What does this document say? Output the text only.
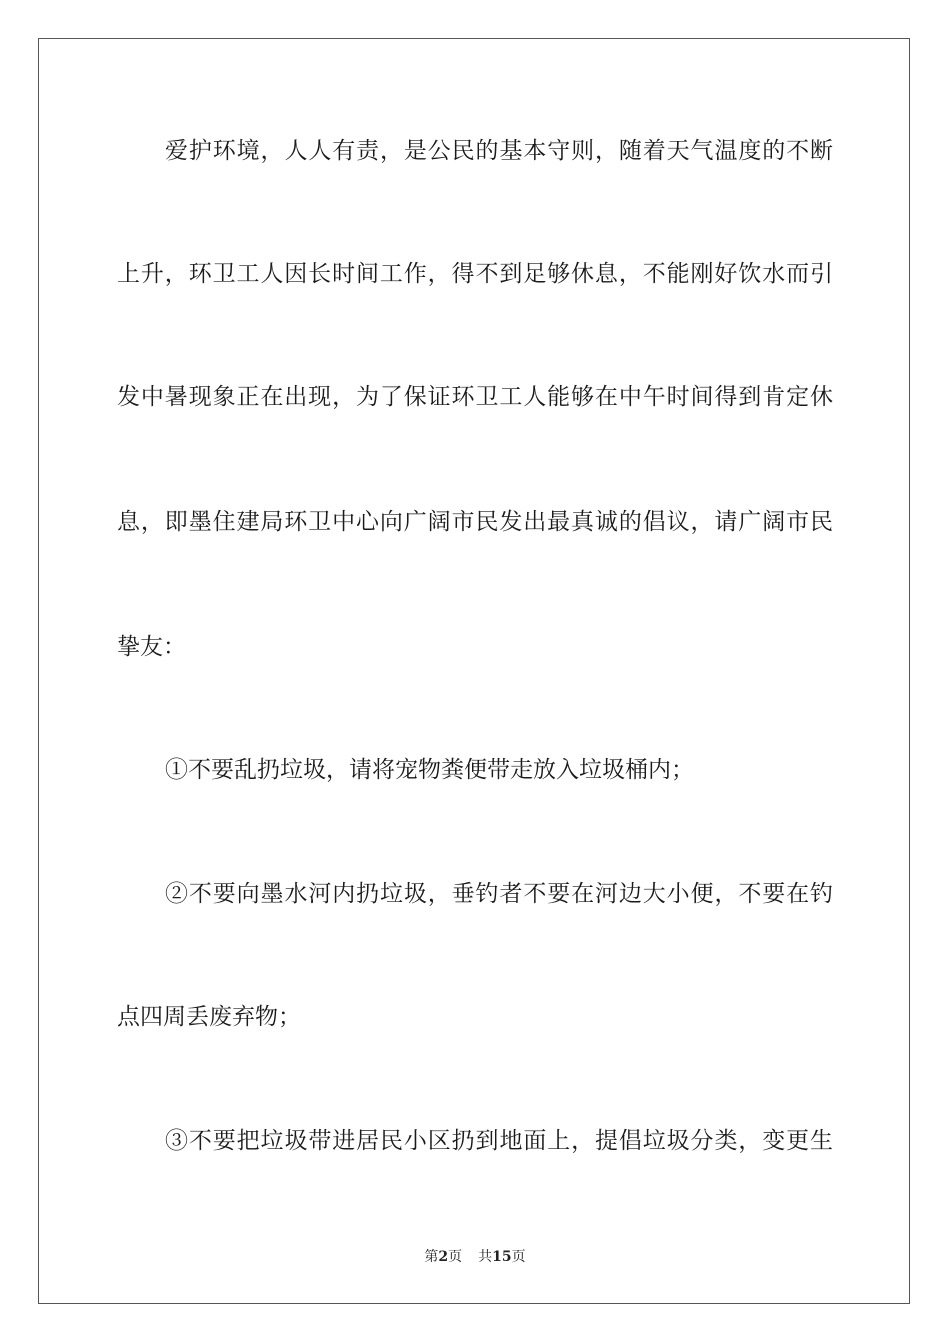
爱护环境，人人有责，是公民的基本守则，随着天气温度的不断
上升，环卫工人因长时间工作，得不到足够休息，不能刚好饮水而引
发中暑现象正在出现，为了保证环卫工人能够在中午时间得到肯定休
息，即墨住建局环卫中心向广阔市民发出最真诚的倡议，请广阔市民
挚友：
①不要乱扔垃圾，请将宠物粪便带走放入垃圾桶内；
②不要向墨水河内扔垃圾，垂钓者不要在河边大小便，不要在钓
点四周丢废弃物；
③不要把垃圾带进居民小区扔到地面上，提倡垃圾分类，变更生
第2页 共15页
